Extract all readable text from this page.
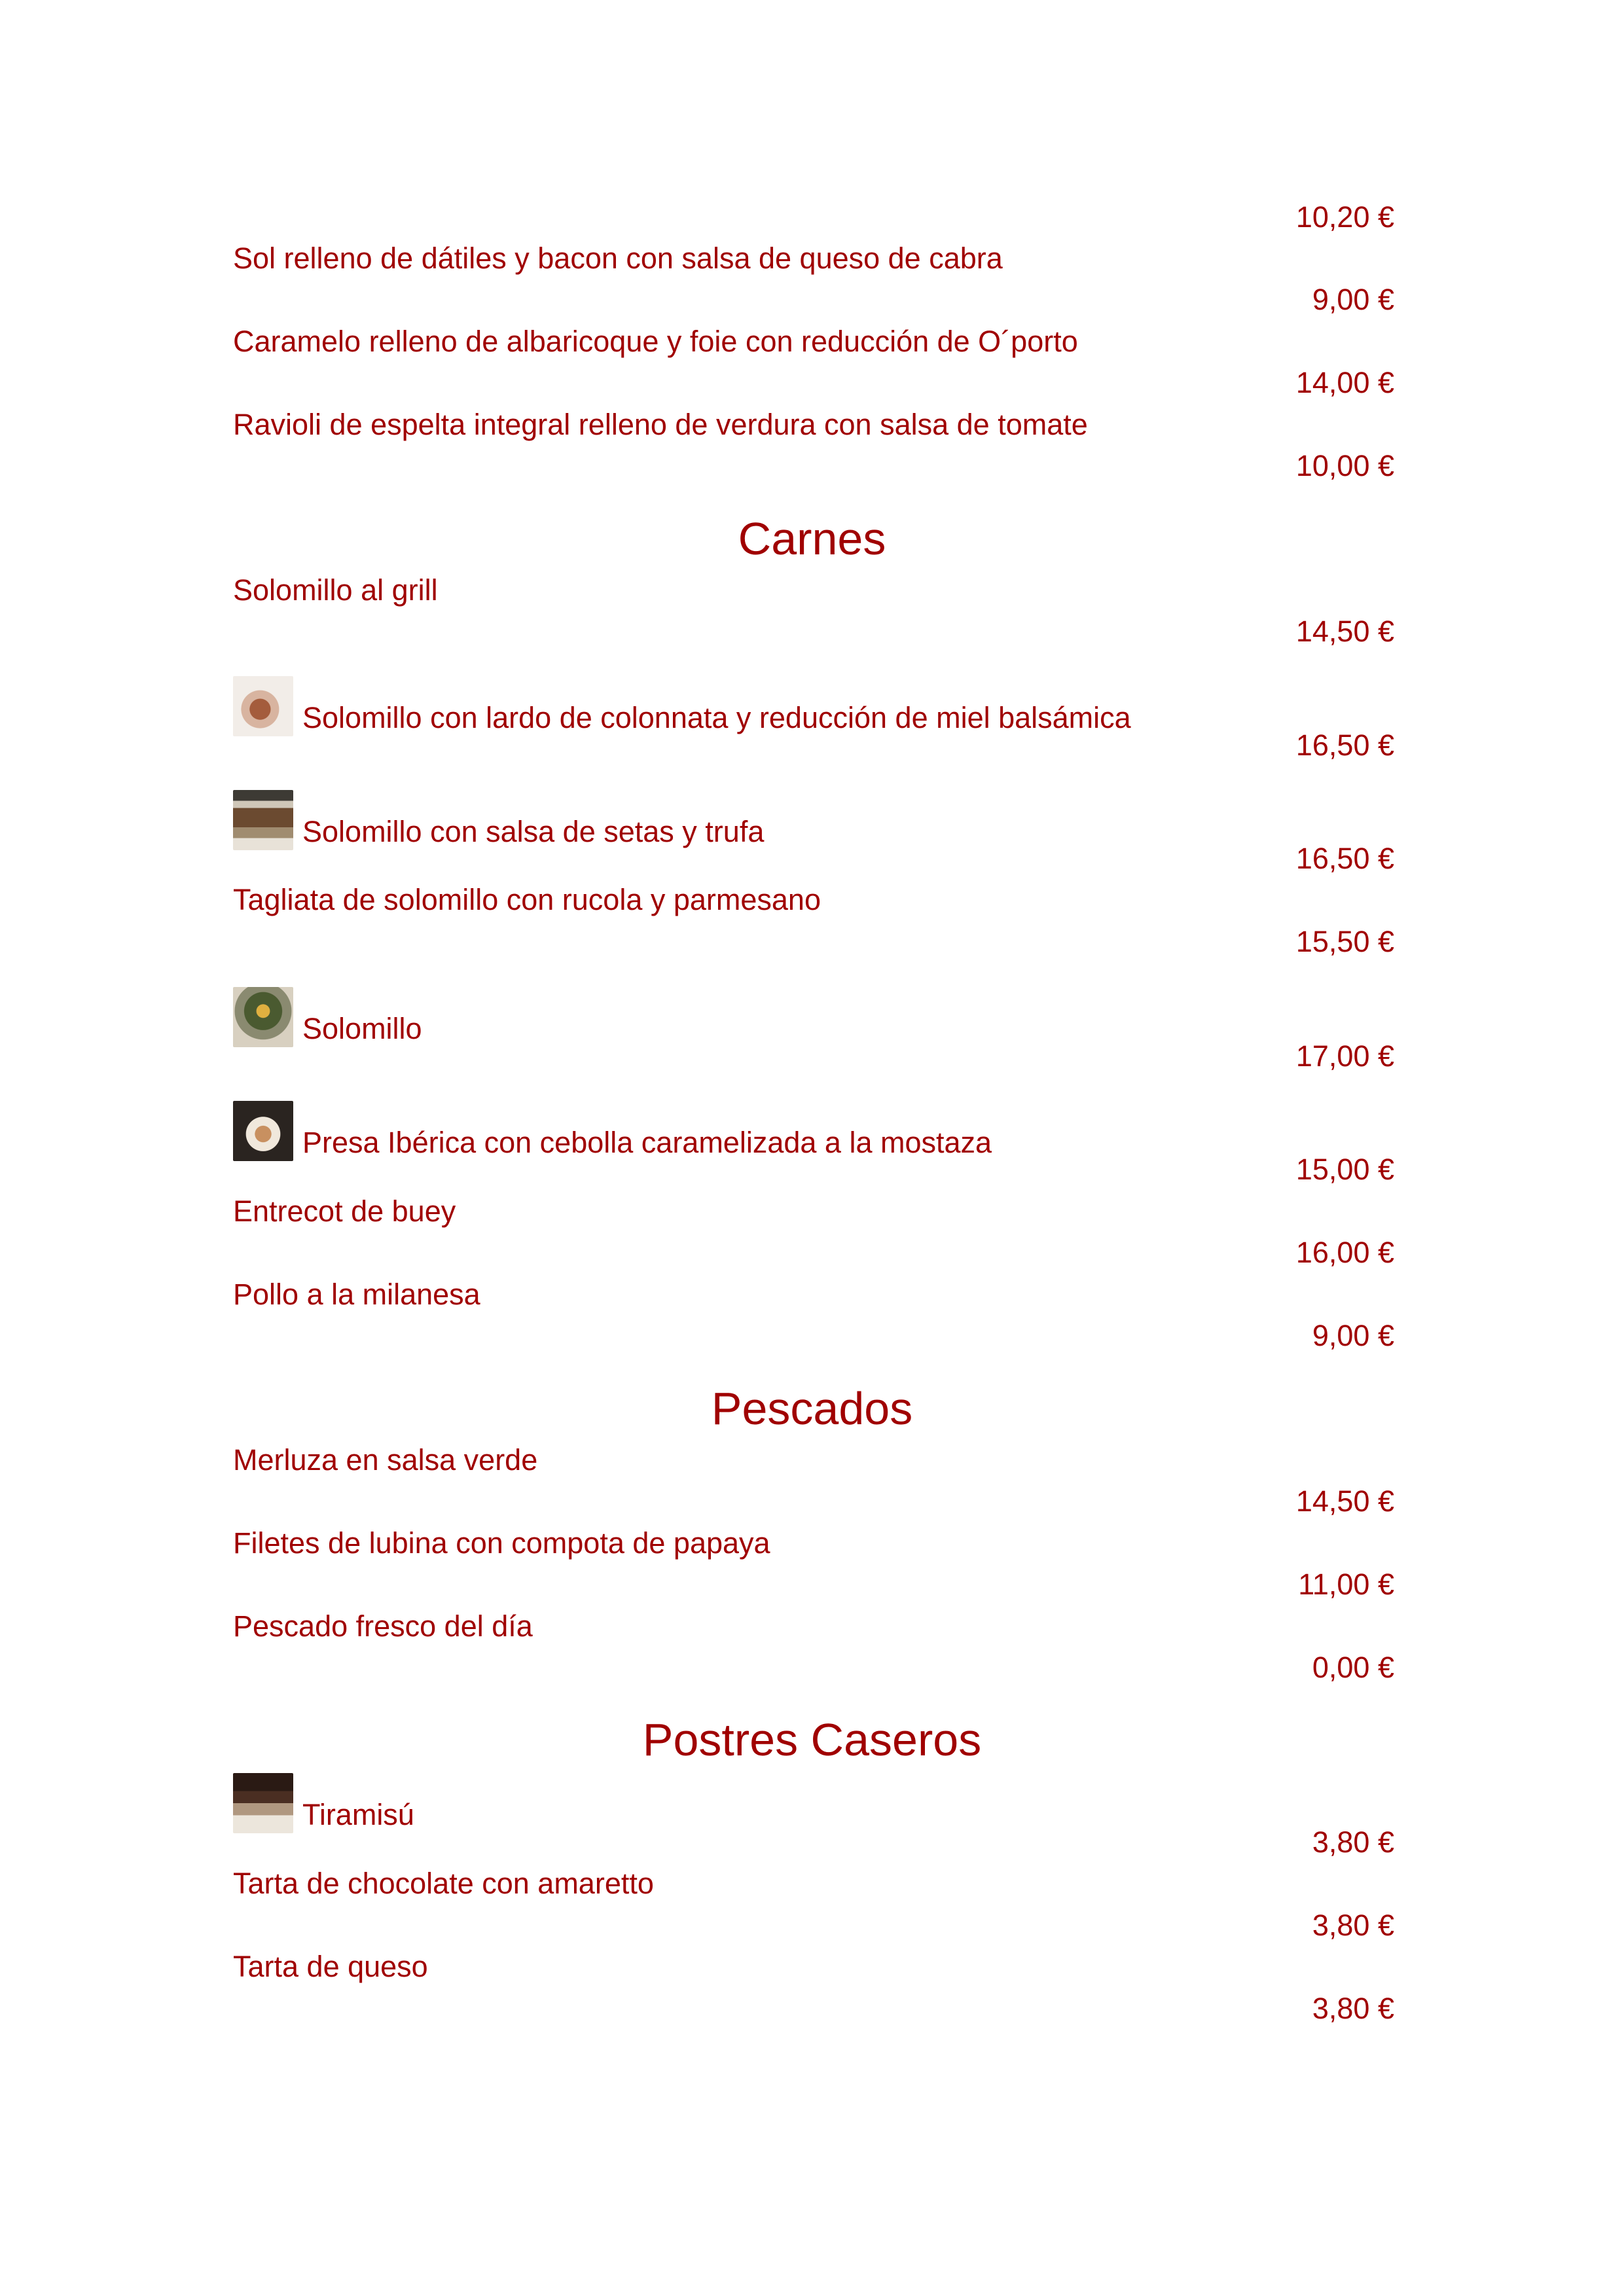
10,20 €
Sol relleno de dátiles y bacon con salsa de queso de cabra
9,00 €
Caramelo relleno de albaricoque y foie con reducción de O´porto
14,00 €
Ravioli de espelta integral relleno de verdura con salsa de tomate
10,00 €
Carnes
Solomillo al grill
14,50 €
Solomillo con lardo de colonnata y reducción de miel balsámica
16,50 €
Solomillo con salsa de setas y trufa
16,50 €
Tagliata de solomillo con rucola y parmesano
15,50 €
Solomillo
17,00 €
Presa Ibérica con cebolla caramelizada a la mostaza
15,00 €
Entrecot de buey
16,00 €
Pollo a la milanesa
9,00 €
Pescados
Merluza en salsa verde
14,50 €
Filetes de lubina con compota de papaya
11,00 €
Pescado fresco del día
0,00 €
Postres Caseros
Tiramisú
3,80 €
Tarta de chocolate con amaretto
3,80 €
Tarta de queso
3,80 €
